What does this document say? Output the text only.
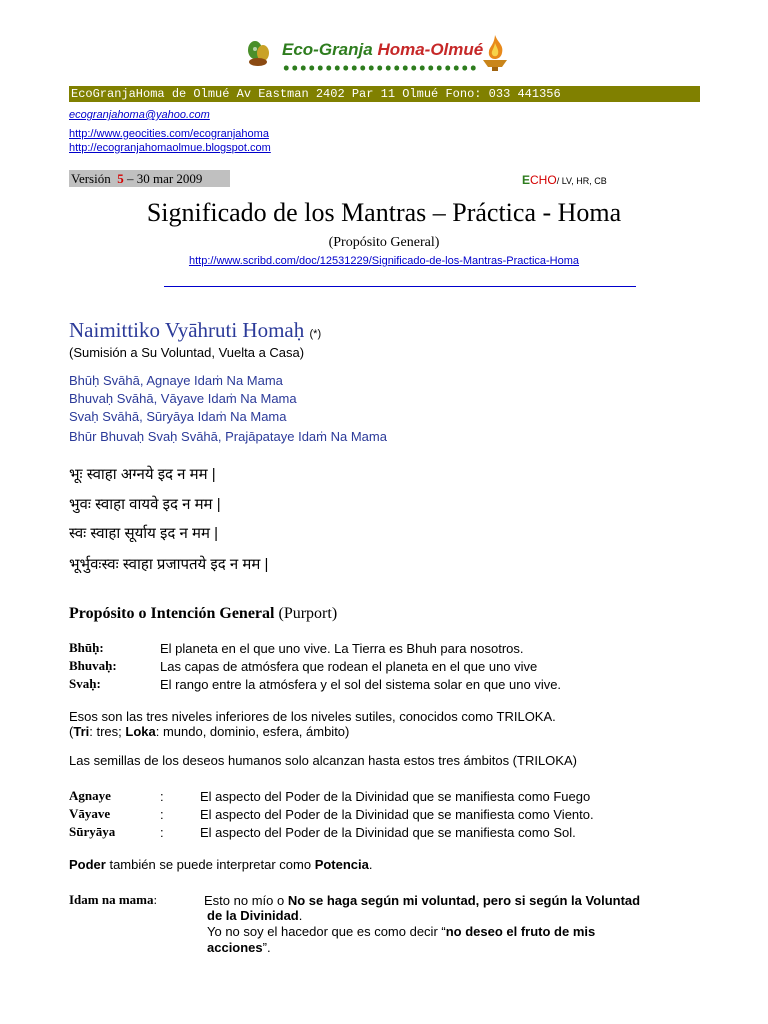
Eco-Granja Homa-Olmué
EcoGranjaHoma de Olmué Av Eastman 2402 Par 11 Olmué Fono: 033 441356
ecogranjahoma@yahoo.com
http://www.geocities.com/ecogranjahoma
http://ecogranjahomaolmue.blogspot.com
Versión 5 – 30 mar 2009	ECHO/ LV, HR, CB
Significado de los Mantras – Práctica - Homa
(Propósito General)
http://www.scribd.com/doc/12531229/Significado-de-los-Mantras-Practica-Homa
Naimittiko Vyāhruti Homaḥ (*)
(Sumisión a Su Voluntad, Vuelta a Casa)
Bhūḥ Svāhā, Agnaye Idaṁ Na Mama
Bhuvaḥ Svāhā, Vāyave Idaṁ Na Mama
Svaḥ Svāhā, Sūryāya Idaṁ Na Mama
Bhūr Bhuvaḥ Svaḥ Svāhā, Prajāpataye Idaṁ Na Mama
भूः स्वाहा अग्नये इद न मम |
भुवः स्वाहा वायवे इद न मम |
स्वः स्वाहा सूर्याय इद न मम |
भूर्भुवःस्वः स्वाहा प्रजापतये इद न मम |
Propósito o Intención General (Purport)
Bhūḥ:	El planeta en el que uno vive. La Tierra es Bhuh para nosotros.
Bhuvaḥ:	Las capas de atmósfera que rodean el planeta en el que uno vive
Svaḥ:	El rango entre la atmósfera y el sol del sistema solar en que uno vive.
Esos son las tres niveles inferiores de los niveles sutiles, conocidos como TRILOKA.
(Tri: tres; Loka: mundo, dominio, esfera, ámbito)
Las semillas de los deseos humanos solo alcanzan hasta estos tres ámbitos (TRILOKA)
Agnaye	:	El aspecto del Poder de la Divinidad que se manifiesta como Fuego
Vāyave	:	El aspecto del Poder de la Divinidad que se manifiesta como Viento.
Sūryāya	:	El aspecto del Poder de la Divinidad que se manifiesta como Sol.
Poder también se puede interpretar como Potencia.
Idam na mama:	Esto no mío o No se haga según mi voluntad, pero si según la Voluntad
de la Divinidad.
Yo no soy el hacedor que es como decir “no deseo el fruto de mis
acciones”.
